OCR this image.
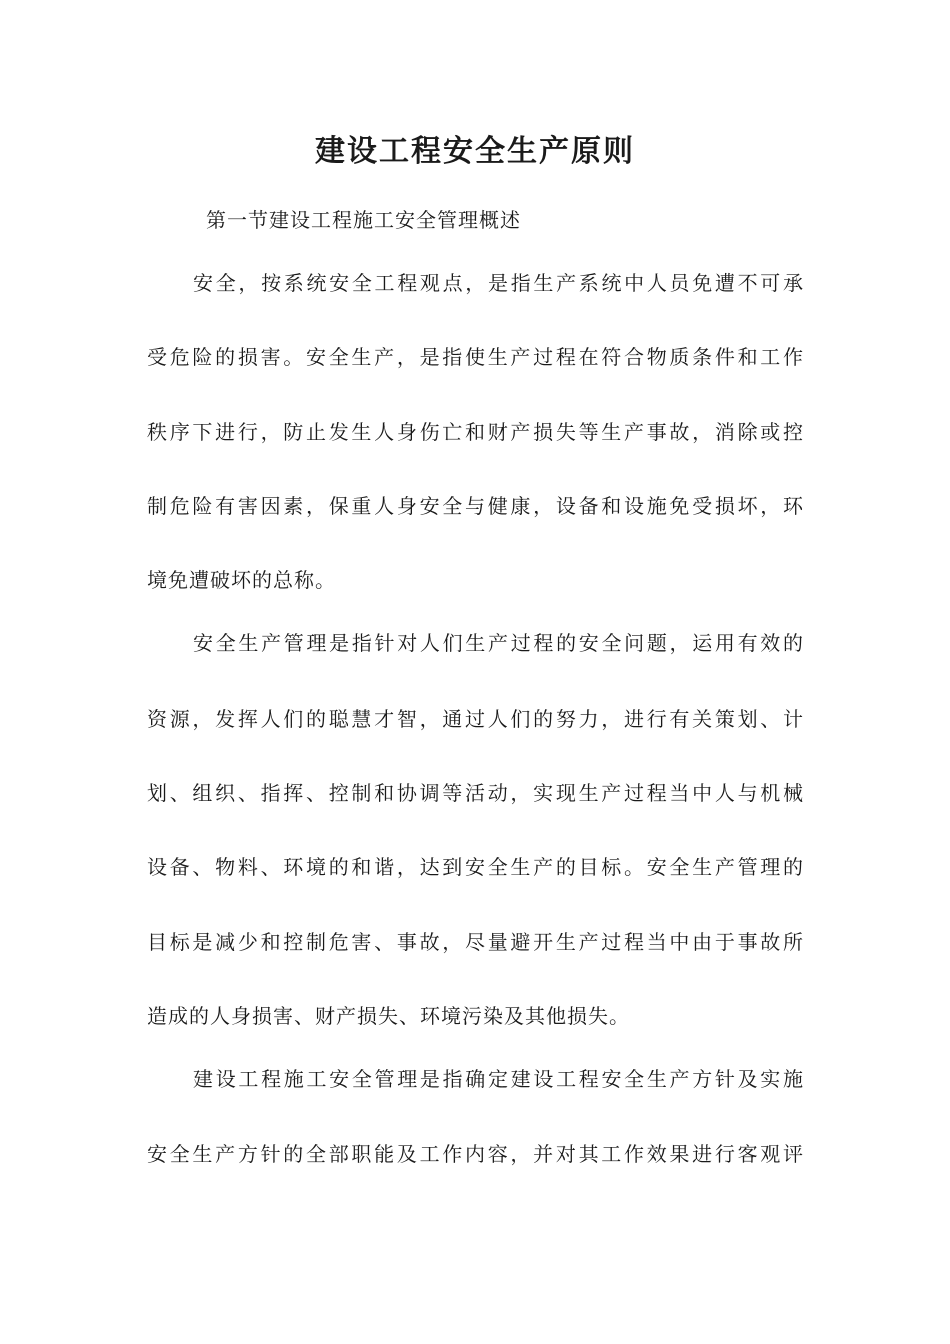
建设工程安全生产原则

第一节建设工程施工安全管理概述

安全，按系统安全工程观点，是指生产系统中人员免遭不可承

受危险的损害。安全生产，是指使生产过程在符合物质条件和工作

秩序下进行，防止发生人身伤亡和财产损失等生产事故，消除或控

制危险有害因素，保重人身安全与健康，设备和设施免受损坏，环

境免遭破坏的总称。

安全生产管理是指针对人们生产过程的安全问题，运用有效的

资源，发挥人们的聪慧才智，通过人们的努力，进行有关策划、计

划、组织、指挥、控制和协调等活动，实现生产过程当中人与机械

设备、物料、环境的和谐，达到安全生产的目标。安全生产管理的

目标是减少和控制危害、事故，尽量避开生产过程当中由于事故所

造成的人身损害、财产损失、环境污染及其他损失。

建设工程施工安全管理是指确定建设工程安全生产方针及实施

安全生产方针的全部职能及工作内容，并对其工作效果进行客观评
